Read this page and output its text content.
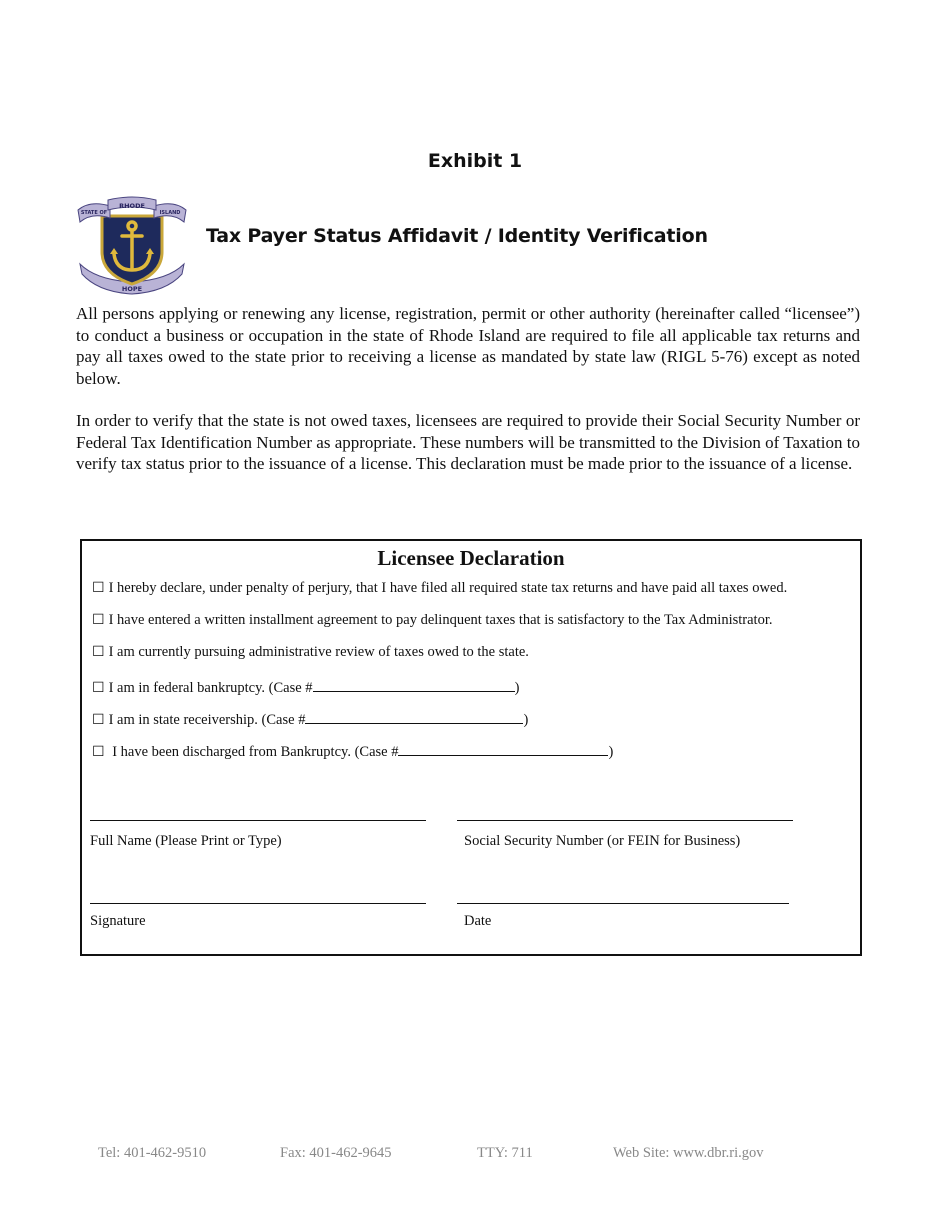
Exhibit 1
RHODE
STATE OF	ISLAND
HOPE
Tax Payer Status Affidavit / Identity Verification

All persons applying or renewing any license, registration, permit or other authority (hereinafter called “licensee”) to conduct a business or occupation in the state of Rhode Island are required to file all applicable tax returns and pay all taxes owed to the state prior to receiving a license as mandated by state law (RIGL 5-76) except as noted below.

In order to verify that the state is not owed taxes, licensees are required to provide their Social Security Number or Federal Tax Identification Number as appropriate. These numbers will be transmitted to the Division of Taxation to verify tax status prior to the issuance of a license. This declaration must be made prior to the issuance of a license.

Licensee Declaration
☐ I hereby declare, under penalty of perjury, that I have filed all required state tax returns and have paid all taxes owed.
☐ I have entered a written installment agreement to pay delinquent taxes that is satisfactory to the Tax Administrator.
☐ I am currently pursuing administrative review of taxes owed to the state.
☐ I am in federal bankruptcy. (Case #	)
☐ I am in state receivership. (Case #	)
☐ I have been discharged from Bankruptcy. (Case #	)
Full Name (Please Print or Type)	Social Security Number (or FEIN for Business)
Signature	Date
Tel: 401-462-9510	Fax: 401-462-9645	TTY: 711	Web Site: www.dbr.ri.gov
